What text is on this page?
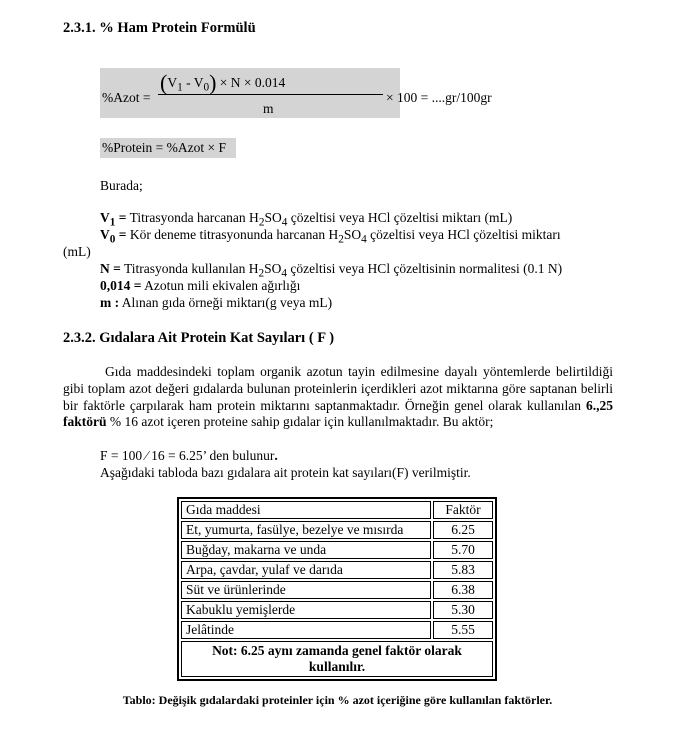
2.3.1. % Ham Protein Formülü
%Azot =
$(V_1 - V_0) \times N \times 0.014$
m
× 100 = ....gr/100gr
%Protein = %Azot × F
Burada;
$V_1$ = Titrasyonda harcanan $H_2SO_4$ çözeltisi veya HCl çözeltisi miktarı (mL)
$V_0$ = Kör deneme titrasyonunda harcanan $H_2SO_4$ çözeltisi veya HCl çözeltisi miktarı
(mL)
N = Titrasyonda kullanılan $H_2SO_4$ çözeltisi veya HCl çözeltisinin normalitesi (0.1 N)
0,014 = Azotun mili ekivalen ağırlığı
m : Alınan gıda örneği miktarı(g veya mL)
2.3.2. Gıdalara Ait Protein Kat Sayıları ( F )
Gıda maddesindeki toplam organik azotun tayin edilmesine dayalı yöntemlerde belirtildiği gibi toplam azot değeri gıdalarda bulunan proteinlerin içerdikleri azot miktarına göre saptanan belirli bir faktörle çarpılarak ham protein miktarını saptanmaktadır. Örneğin genel olarak kullanılan 6.,25 faktörü % 16 azot içeren proteine sahip gıdalar için kullanılmaktadır. Bu aktör;
F = 100 ⁄ 16 = 6.25’ den bulunur.
Aşağıdaki tabloda bazı gıdalara ait protein kat sayıları(F) verilmiştir.
Gıda maddesi	Faktör
Et, yumurta, fasülye, bezelye ve mısırda	6.25
Buğday, makarna ve unda	5.70
Arpa, çavdar, yulaf ve darıda	5.83
Süt ve ürünlerinde	6.38
Kabuklu yemişlerde	5.30
Jelâtinde	5.55
Not: 6.25 aynı zamanda genel faktör olarak kullanılır.	
Tablo: Değişik gıdalardaki proteinler için % azot içeriğine göre kullanılan faktörler.
